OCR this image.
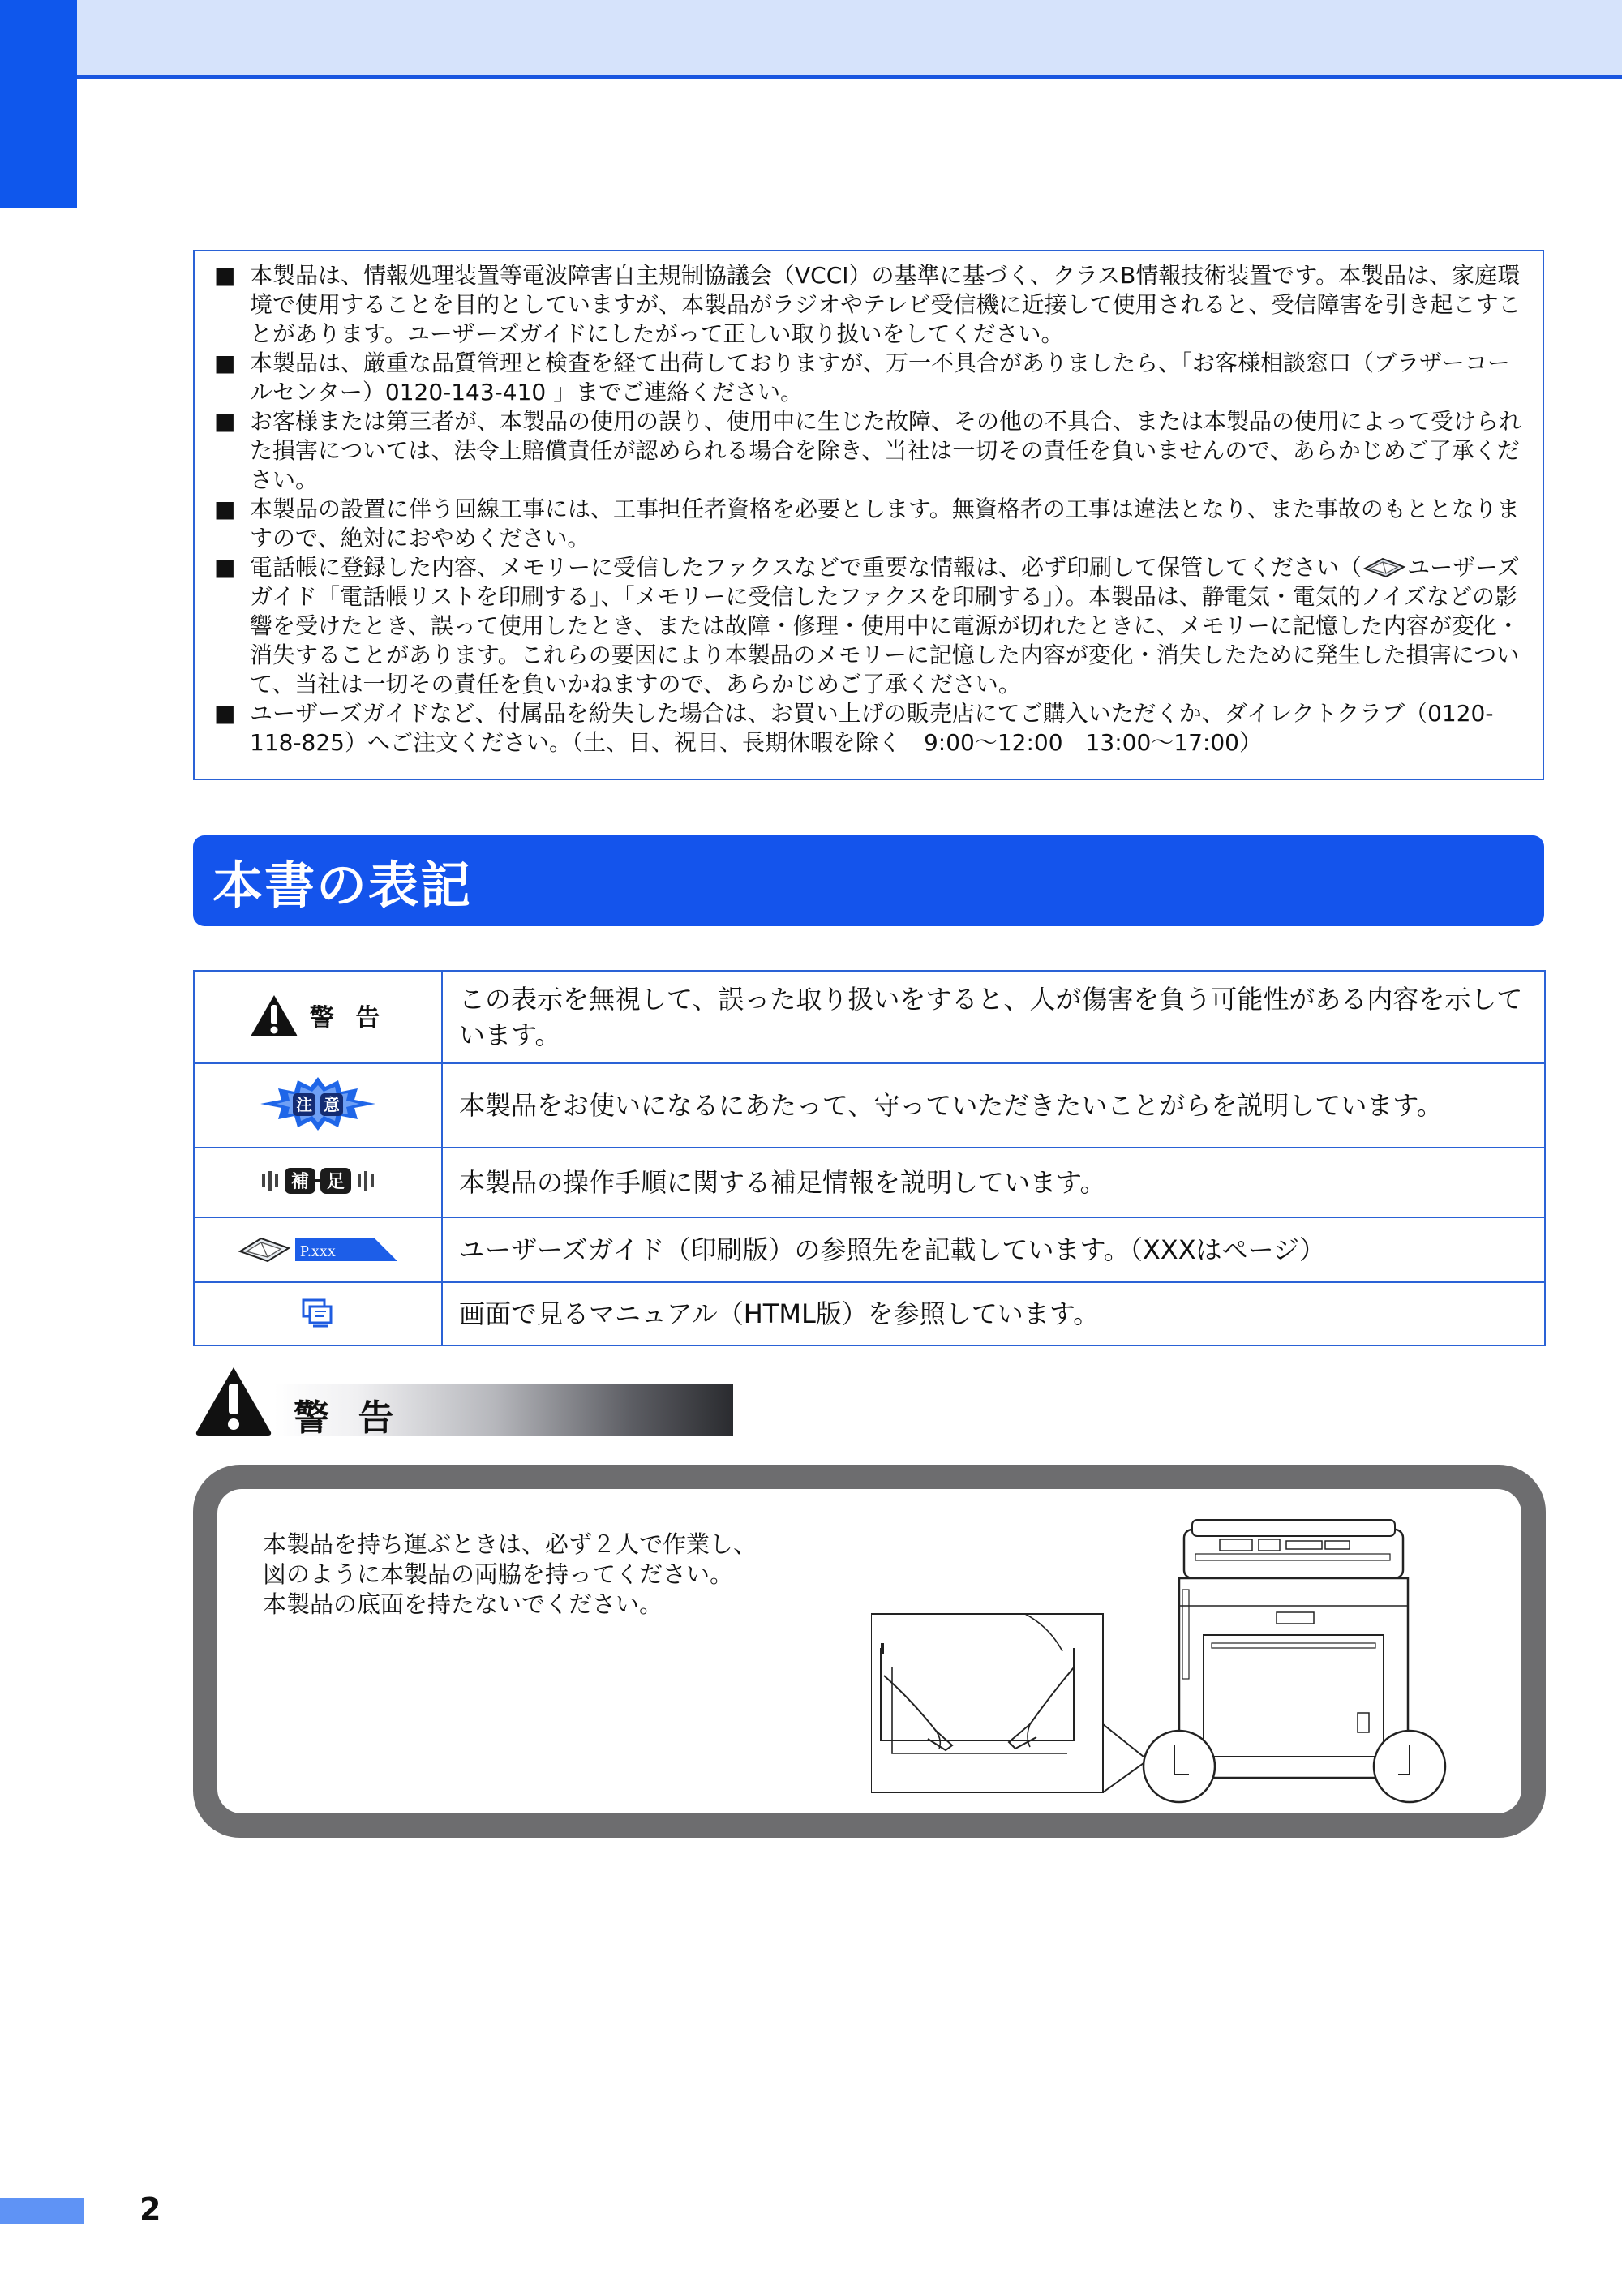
■ 本製品は、情報処理装置等電波障害自主規制協議会（VCCI）の基準に基づく、クラスB情報技術装置です。本製品は、家庭環境で使用することを目的としていますが、本製品がラジオやテレビ受信機に近接して使用されると、受信障害を引き起こすことがあります。ユーザーズガイドにしたがって正しい取り扱いをしてください。
■ 本製品は、厳重な品質管理と検査を経て出荷しておりますが、万一不具合がありましたら、「お客様相談窓口（ブラザーコールセンター）0120-143-410 」までご連絡ください。
■ お客様または第三者が、本製品の使用の誤り、使用中に生じた故障、その他の不具合、または本製品の使用によって受けられた損害については、法令上賠償責任が認められる場合を除き、当社は一切その責任を負いませんので、あらかじめご了承ください。
■ 本製品の設置に伴う回線工事には、工事担任者資格を必要とします。無資格者の工事は違法となり、また事故のもととなりますので、絶対におやめください。
■ 電話帳に登録した内容、メモリーに受信したファクスなどで重要な情報は、必ず印刷して保管してください（ ユーザーズガイド「電話帳リストを印刷する」、「メモリーに受信したファクスを印刷する」）。本製品は、静電気・電気的ノイズなどの影響を受けたとき、誤って使用したとき、または故障・修理・使用中に電源が切れたときに、メモリーに記憶した内容が変化・消失することがあります。これらの要因により本製品のメモリーに記憶した内容が変化・消失したために発生した損害について、当社は一切その責任を負いかねますので、あらかじめご了承ください。
■ ユーザーズガイドなど、付属品を紛失した場合は、お買い上げの販売店にてご購入いただくか、ダイレクトクラブ（0120-118-825）へご注文ください。（土、日、祝日、長期休暇を除く　9:00〜12:00　13:00〜17:00）
本書の表記
警 告	この表示を無視して、誤った取り扱いをすると、人が傷害を負う可能性がある内容を示しています。

注 意	本製品をお使いになるにあたって、守っていただきたいことがらを説明しています。

補 足	本製品の操作手順に関する補足情報を説明しています。

P.xxx	ユーザーズガイド（印刷版）の参照先を記載しています。（XXXはページ）
	画面で見るマニュアル（HTML版）を参照しています。
警 告
本製品を持ち運ぶときは、必ず２人で作業し、
図のように本製品の両脇を持ってください。
本製品の底面を持たないでください。
2
